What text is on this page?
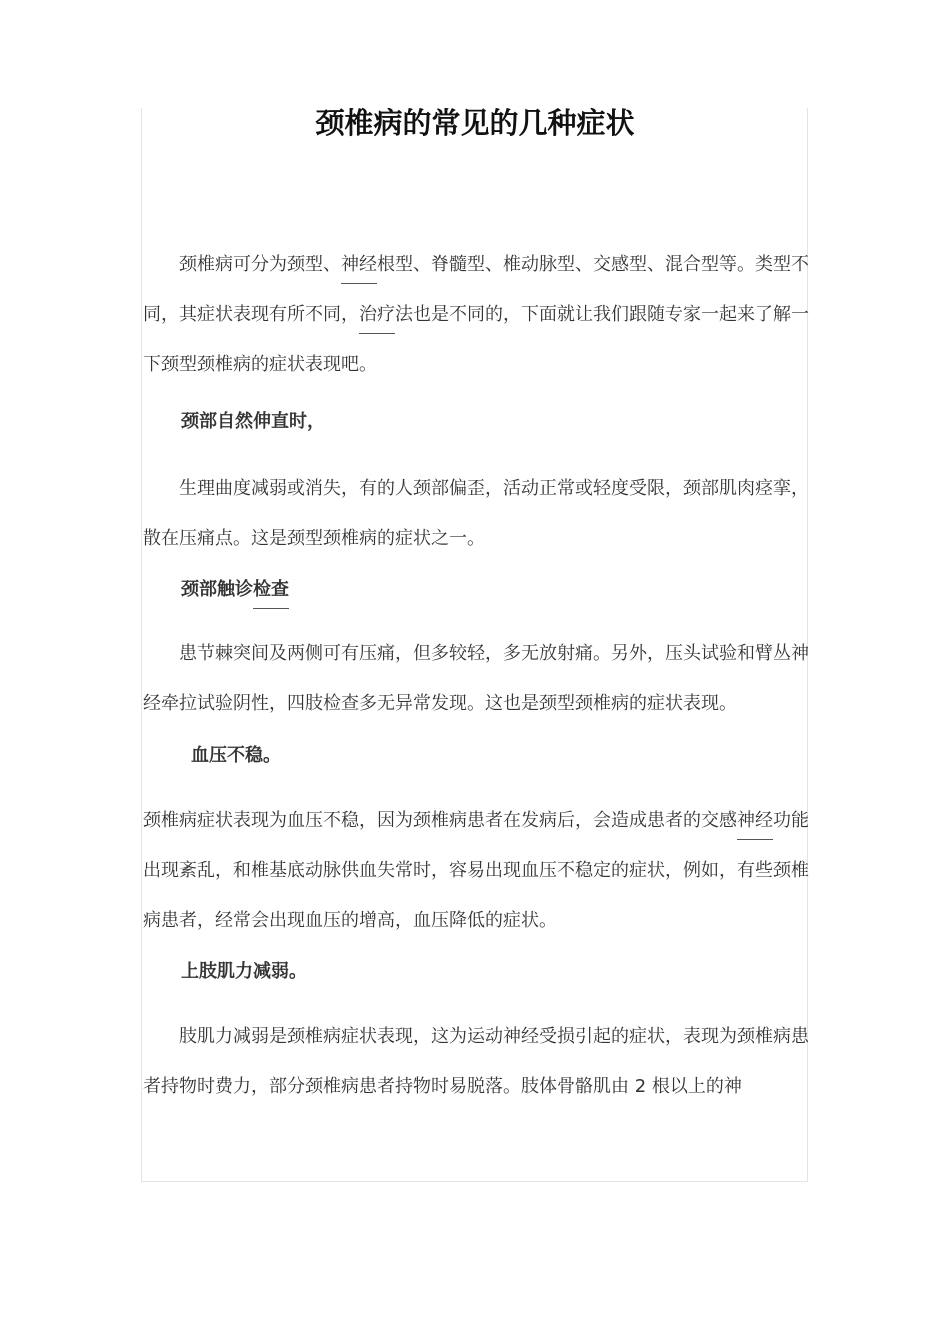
颈椎病的常见的几种症状

颈椎病可分为颈型、神经根型、脊髓型、椎动脉型、交感型、混合型等。类型不同，其症状表现有所不同，治疗法也是不同的，下面就让我们跟随专家一起来了解一下颈型颈椎病的症状表现吧。

颈部自然伸直时，

生理曲度减弱或消失，有的人颈部偏歪，活动正常或轻度受限，颈部肌肉痉挛，散在压痛点。这是颈型颈椎病的症状之一。

颈部触诊检查

患节棘突间及两侧可有压痛，但多较轻，多无放射痛。另外，压头试验和臂丛神经牵拉试验阴性，四肢检查多无异常发现。这也是颈型颈椎病的症状表现。

血压不稳。

颈椎病症状表现为血压不稳，因为颈椎病患者在发病后，会造成患者的交感神经功能出现紊乱，和椎基底动脉供血失常时，容易出现血压不稳定的症状，例如，有些颈椎病患者，经常会出现血压的增高，血压降低的症状。

上肢肌力减弱。

肢肌力减弱是颈椎病症状表现，这为运动神经受损引起的症状，表现为颈椎病患者持物时费力，部分颈椎病患者持物时易脱落。肢体骨骼肌由 2 根以上的神
